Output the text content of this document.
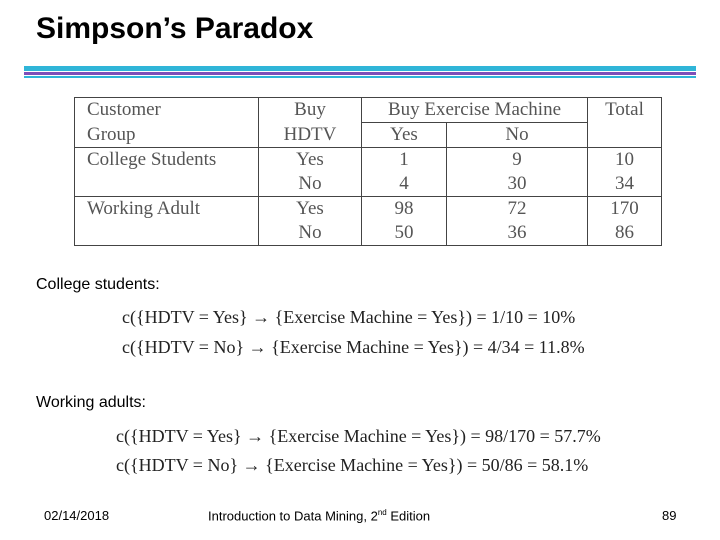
Simpson’s Paradox
Customer	Buy	Buy Exercise Machine		Total
Group	HDTV	Yes	No	
College Students	Yes	1	9	10
	No	4	30	34
Working Adult	Yes	98	72	170
	No	50	36	86
College students:
c({HDTV = Yes} → {Exercise Machine = Yes}) = 1/10 = 10%
c({HDTV = No} → {Exercise Machine = Yes}) = 4/34 = 11.8%
Working adults:
c({HDTV = Yes} → {Exercise Machine = Yes}) = 98/170 = 57.7%
c({HDTV = No} → {Exercise Machine = Yes}) = 50/86 = 58.1%
02/14/2018	Introduction to Data Mining, 2nd Edition	89
